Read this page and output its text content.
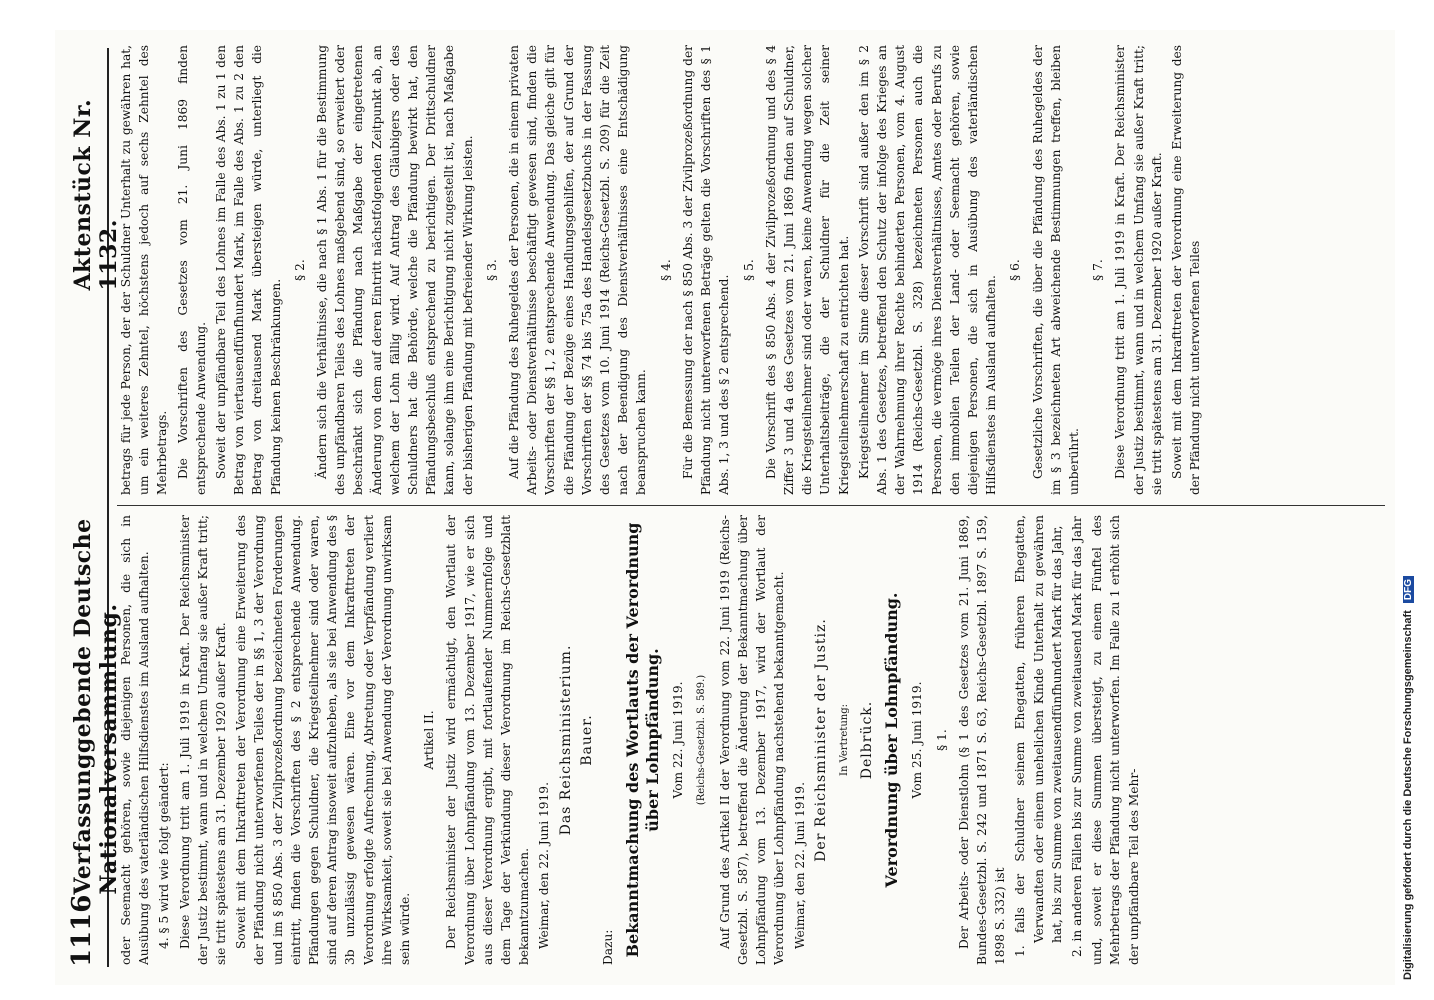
1116
Verfassunggebende Deutsche Nationalversammlung.
Aktenstück Nr. 1132.

oder Seemacht gehören, sowie diejenigen Personen, die sich in Ausübung des vaterländischen Hilfsdienstes im Ausland aufhalten. 4. § 5 wird wie folgt geändert: Diese Verordnung tritt am 1. Juli 1919 in Kraft. Der Reichsminister der Justiz bestimmt, wann und in welchem Umfang sie außer Kraft tritt; sie tritt spätestens am 31. Dezember 1920 außer Kraft. Soweit mit dem Inkrafttreten der Verordnung eine Erweiterung des der Pfändung nicht unterworfenen Teiles der in §§ 1, 3 der Verordnung und im § 850 Abs. 3 der Zivilprozeßordnung bezeichneten Forderungen eintritt, finden die Vorschriften des § 2 entsprechende Anwendung. Pfändungen gegen Schuldner, die Kriegsteilnehmer sind oder waren, sind auf deren Antrag insoweit aufzuheben, als sie bei Anwendung des § 3b unzulässig gewesen wären. Eine vor dem Inkrafttreten der Verordnung erfolgte Aufrechnung, Abtretung oder Verpfändung verliert ihre Wirksamkeit, soweit sie bei Anwendung der Verordnung unwirksam sein würde.

Artikel II. Der Reichsminister der Justiz wird ermächtigt, den Wortlaut der Verordnung über Lohnpfändung vom 13. Dezember 1917, wie er sich aus dieser Verordnung ergibt, mit fortlaufender Nummernfolge und dem Tage der Verkündung dieser Verordnung im Reichs-Gesetzblatt bekanntzumachen. Weimar, den 22. Juni 1919.

Das Reichsministerium. Bauer.

Dazu: Bekanntmachung des Wortlauts der Verordnung über Lohnpfändung. Vom 22. Juni 1919.	(Reichs-Gesetzbl. S. 589.) Auf Grund des Artikel II der Verordnung vom 22. Juni 1919 (Reichs-Gesetzbl. S. 587), betreffend die Änderung der Bekanntmachung über Lohnpfändung vom 13. Dezember 1917, wird der Wortlaut der Verordnung über Lohnpfändung nachstehend bekanntgemacht. Weimar, den 22. Juni 1919.

Der Reichsminister der Justiz.	In Vertretung: Delbrück. Verordnung über Lohnpfändung. Vom 25. Juni 1919. § 1. Der Arbeits- oder Dienstlohn (§ 1 des Gesetzes vom 21. Juni 1869, Bundes-Gesetzbl. S. 242 und 1871 S. 63, Reichs-Gesetzbl. 1897 S. 159, 1898 S. 332) ist 1. falls der Schuldner seinem Ehegatten, früheren Ehegatten, Verwandten oder einem unehelichen Kinde Unterhalt zu gewähren hat, bis zur Summe von zweitausendfünfhundert Mark für das Jahr, 2. in anderen Fällen bis zur Summe von zweitausend Mark für das Jahr und, soweit er diese Summen übersteigt, zu einem Fünftel des Mehrbetrags der Pfändung nicht unterworfen. Im Falle zu 1 erhöht sich der unpfändbare Teil des Mehr-

betrags für jede Person, der der Schuldner Unterhalt zu gewähren hat, um ein weiteres Zehntel, höchstens jedoch auf sechs Zehntel des Mehrbetrags. Die Vorschriften des Gesetzes vom 21. Juni 1869 finden entsprechende Anwendung. Soweit der unpfändbare Teil des Lohnes im Falle des Abs. 1 zu 1 den Betrag von viertausendfünfhundert Mark, im Falle des Abs. 1 zu 2 den Betrag von dreitausend Mark übersteigen würde, unterliegt die Pfändung keinen Beschränkungen.

§ 2. Ändern sich die Verhältnisse, die nach § 1 Abs. 1 für die Bestimmung des unpfändbaren Teiles des Lohnes maßgebend sind, so erweitert oder beschränkt sich die Pfändung nach Maßgabe der eingetretenen Änderung von dem auf deren Eintritt nächstfolgenden Zeitpunkt ab, an welchem der Lohn fällig wird. Auf Antrag des Gläubigers oder des Schuldners hat die Behörde, welche die Pfändung bewirkt hat, den Pfändungsbeschluß entsprechend zu berichtigen. Der Drittschuldner kann, solange ihm eine Berichtigung nicht zugestellt ist, nach Maßgabe der bisherigen Pfändung mit befreiender Wirkung leisten. § 3. Auf die Pfändung des Ruhegeldes der Personen, die in einem privaten Arbeits- oder Dienstverhältnisse beschäftigt gewesen sind, finden die Vorschriften der §§ 1, 2 entsprechende Anwendung. Das gleiche gilt für die Pfändung der Bezüge eines Handlungsgehilfen, der auf Grund der Vorschriften der §§ 74 bis 75a des Handelsgesetzbuchs in der Fassung des Gesetzes vom 10. Juni 1914 (Reichs-Gesetzbl. S. 209) für die Zeit nach der Beendigung des Dienstverhältnisses eine Entschädigung beanspruchen kann.

§ 4. Für die Bemessung der nach § 850 Abs. 3 der Zivilprozeßordnung der Pfändung nicht unterworfenen Beträge gelten die Vorschriften des § 1 Abs. 1, 3 und des § 2 entsprechend.

§ 5. Die Vorschrift des § 850 Abs. 4 der Zivilprozeßordnung und des § 4 Ziffer 3 und 4a des Gesetzes vom 21. Juni 1869 finden auf Schuldner, die Kriegsteilnehmer sind oder waren, keine Anwendung wegen solcher Unterhaltsbeiträge, die der Schuldner für die Zeit seiner Kriegsteilnehmerschaft zu entrichten hat. Kriegsteilnehmer im Sinne dieser Vorschrift sind außer den im § 2 Abs. 1 des Gesetzes, betreffend den Schutz der infolge des Krieges an der Wahrnehmung ihrer Rechte behinderten Personen, vom 4. August 1914 (Reichs-Gesetzbl. S. 328) bezeichneten Personen auch die Personen, die vermöge ihres Dienstverhältnisses, Amtes oder Berufs zu den immobilen Teilen der Land- oder Seemacht gehören, sowie diejenigen Personen, die sich in Ausübung des vaterländischen Hilfsdienstes im Ausland aufhalten.

§ 6. Gesetzliche Vorschriften, die über die Pfändung des Ruhegeldes der im § 3 bezeichneten Art abweichende Bestimmungen treffen, bleiben unberührt.

§ 7. Diese Verordnung tritt am 1. Juli 1919 in Kraft. Der Reichsminister der Justiz bestimmt, wann und in welchem Umfang sie außer Kraft tritt; sie tritt spätestens am 31. Dezember 1920 außer Kraft. Soweit mit dem Inkrafttreten der Verordnung eine Erweiterung des der Pfändung nicht unterworfenen Teiles

Digitalisierung gefördert durch die Deutsche Forschungsgemeinschaft DFG
